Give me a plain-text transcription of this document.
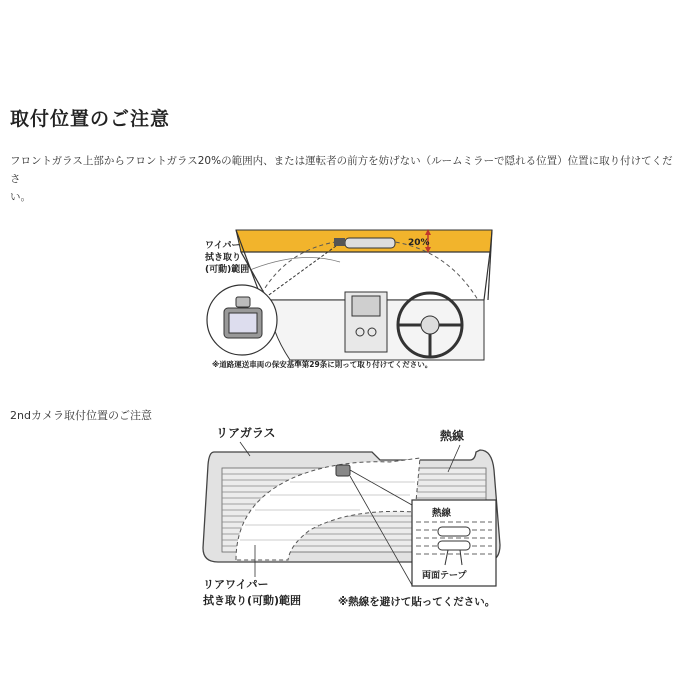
取付位置のご注意
フロントガラス上部からフロントガラス20%の範囲内、または運転者の前方を妨げない（ルームミラーで隠れる位置）位置に取り付けてくださ
い。
2ndカメラ取付位置のご注意
20%
ワイパー
拭き取り
(可動)範囲
※道路運送車両の保安基準第29条に則って取り付けてください。
熱線
両面テープ
リアガラス	熱線
リアワイパー
拭き取り(可動)範囲	※熱線を避けて貼ってください。
